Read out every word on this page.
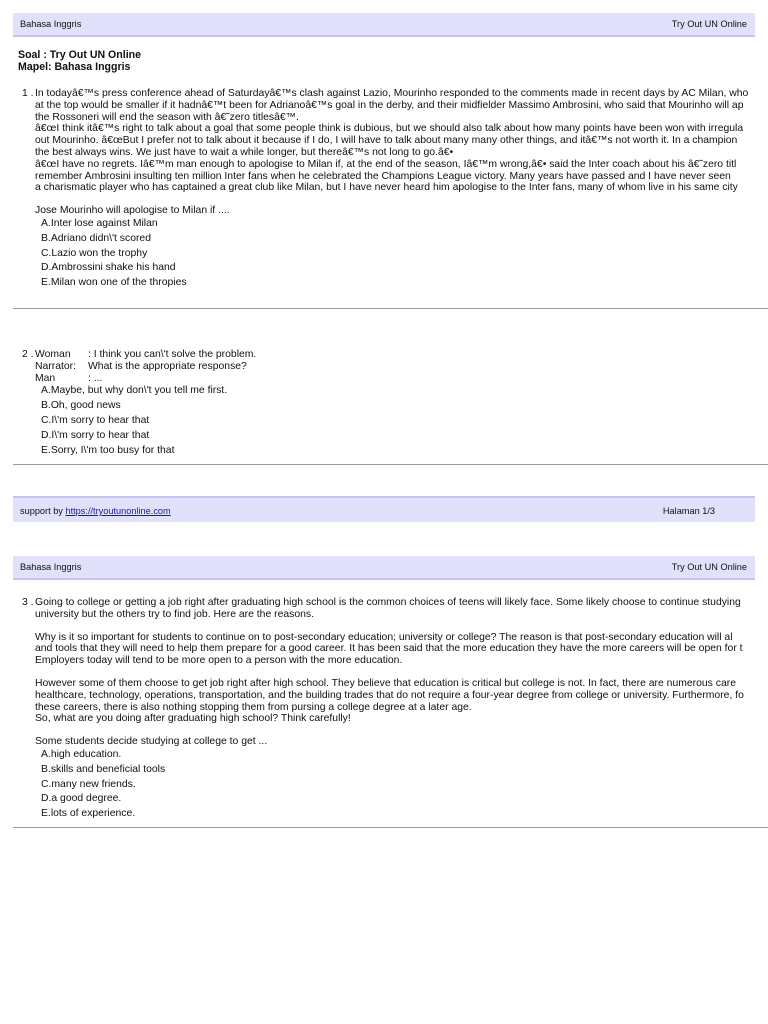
Bahasa Inggris	Try Out UN Online
Soal : Try Out UN Online
Mapel: Bahasa Inggris
1 . In todayâ€™s press conference ahead of Saturdayâ€™s clash against Lazio, Mourinho responded to the comments made in recent days by AC Milan, who
at the top would be smaller if it hadnâ€™t been for Adrianoâ€™s goal in the derby, and their midfielder Massimo Ambrosini, who said that Mourinho will ap
the Rossoneri will end the season with â€˜zero titlesâ€™.
â€œI think itâ€™s right to talk about a goal that some people think is dubious, but we should also talk about how many points have been won with irregula
out Mourinho. â€œBut I prefer not to talk about it because if I do, I will have to talk about many many other things, and itâ€™s not worth it. In a champion
the best always wins. We just have to wait a while longer, but thereâ€™s not long to go.â€•
â€œI have no regrets. Iâ€™m man enough to apologise to Milan if, at the end of the season, Iâ€™m wrong,â€• said the Inter coach about his â€˜zero titl
remember Ambrosini insulting ten million Inter fans when he celebrated the Champions League victory. Many years have passed and I have never seen
a charismatic player who has captained a great club like Milan, but I have never heard him apologise to the Inter fans, many of whom live in his same city
Jose Mourinho will apologise to Milan if ....
A.Inter lose against Milan
B.Adriano didn\'t scored
C.Lazio won the trophy
D.Ambrossini shake his hand
E.Milan won one of the thropies
2 . Woman	: I think you can\'t solve the problem.
Narrator:	What is the appropriate response?
Man	: ...
A.Maybe, but why don\'t you tell me first.
B.Oh, good news
C.I\'m sorry to hear that
D.I\'m sorry to hear that
E.Sorry, I\'m too busy for that
support by https://tryoutunonline.com	Halaman 1/3
Bahasa Inggris	Try Out UN Online
3 . Going to college or getting a job right after graduating high school is the common choices of teens will likely face. Some likely choose to continue studying
university but the others try to find job. Here are the reasons.
Why is it so important for students to continue on to post-secondary education; university or college? The reason is that post-secondary education will al
and tools that they will need to help them prepare for a good career. It has been said that the more education they have the more careers will be open for t
Employers today will tend to be more open to a person with the more education.
However some of them choose to get job right after high school. They believe that education is critical but college is not. In fact, there are numerous care
healthcare, technology, operations, transportation, and the building trades that do not require a four-year degree from college or university. Furthermore, fo
these careers, there is also nothing stopping them from pursing a college degree at a later age.
So, what are you doing after graduating high school? Think carefully!
Some students decide studying at college to get ...
A.high education.
B.skills and beneficial tools
C.many new friends.
D.a good degree.
E.lots of experience.
